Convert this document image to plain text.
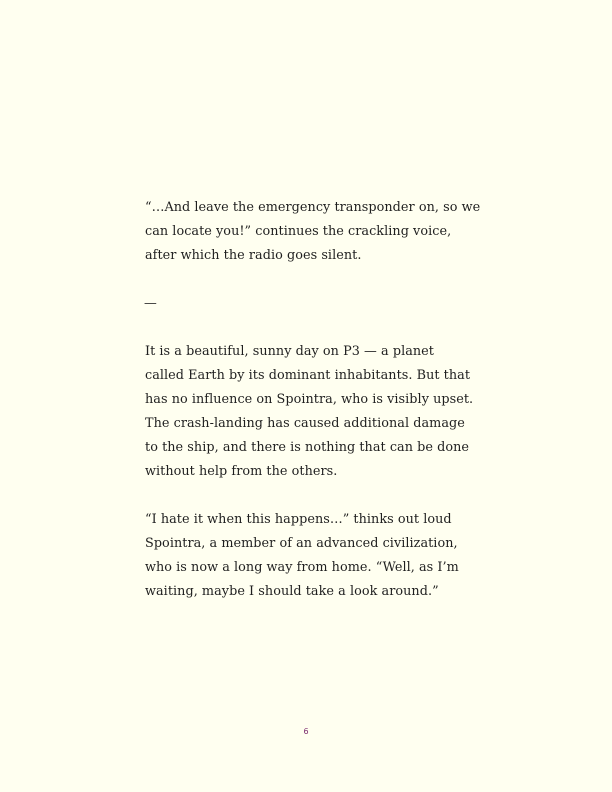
“…And leave the emergency transponder on, so we
can locate you!” continues the crackling voice,
after which the radio goes silent.

—

It is a beautiful, sunny day on P3 — a planet
called Earth by its dominant inhabitants. But that
has no influence on Spointra, who is visibly upset.
The crash-landing has caused additional damage
to the ship, and there is nothing that can be done
without help from the others.

“I hate it when this happens…” thinks out loud
Spointra, a member of an advanced civilization,
who is now a long way from home. “Well, as I’m
waiting, maybe I should take a look around.”

6
